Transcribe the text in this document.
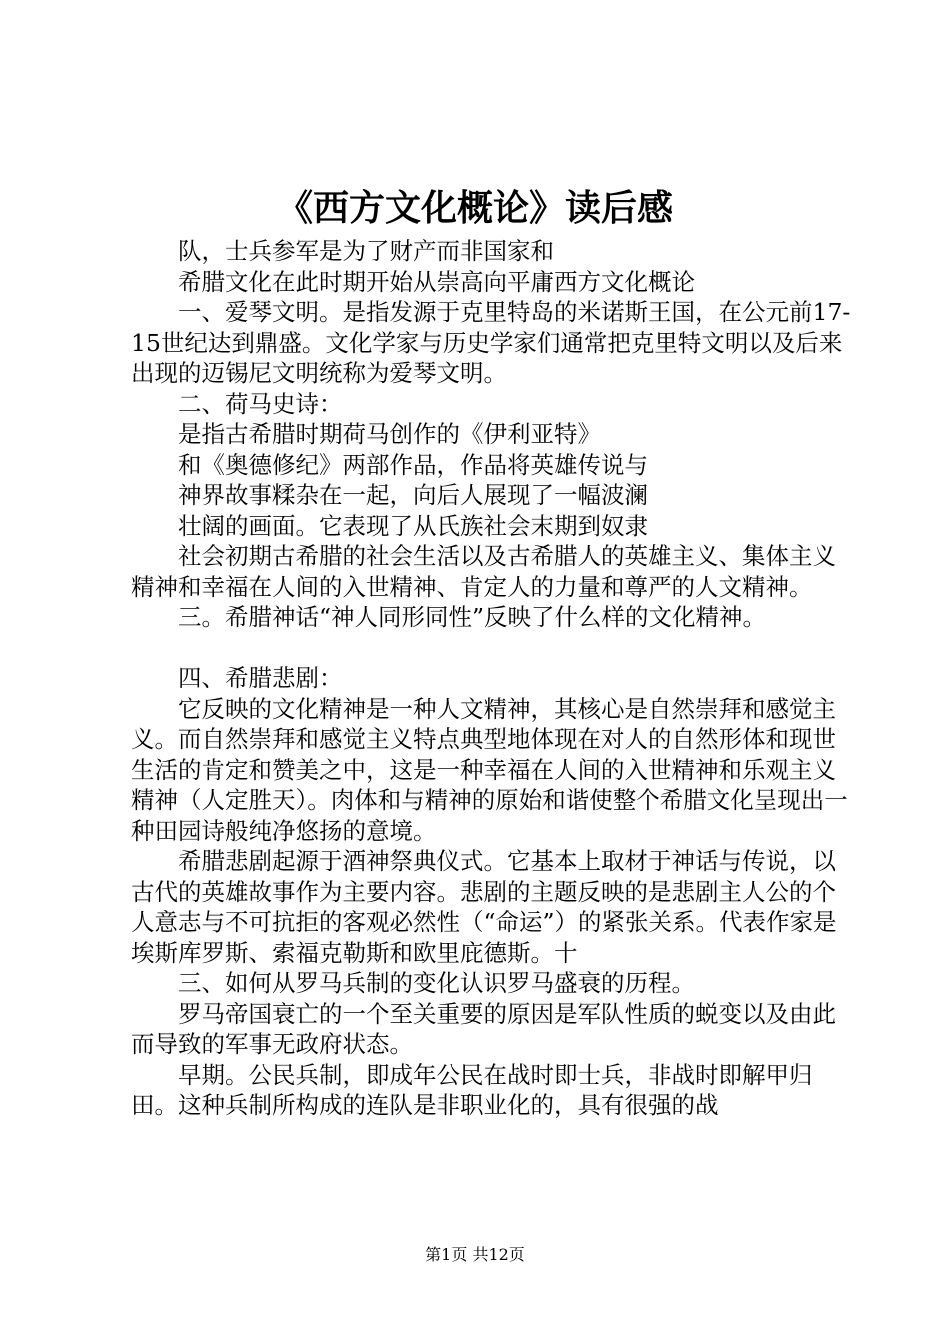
《西方文化概论》读后感

队，士兵参军是为了财产而非国家和

希腊文化在此时期开始从崇高向平庸西方文化概论

一、爱琴文明。是指发源于克里特岛的米诺斯王国，在公元前17-15世纪达到鼎盛。文化学家与历史学家们通常把克里特文明以及后来出现的迈锡尼文明统称为爱琴文明。

二、荷马史诗：

是指古希腊时期荷马创作的《伊利亚特》

和《奥德修纪》两部作品，作品将英雄传说与

神界故事糅杂在一起，向后人展现了一幅波澜

壮阔的画面。它表现了从氏族社会末期到奴隶

社会初期古希腊的社会生活以及古希腊人的英雄主义、集体主义精神和幸福在人间的入世精神、肯定人的力量和尊严的人文精神。

三。希腊神话“神人同形同性”反映了什么样的文化精神。

四、希腊悲剧：

它反映的文化精神是一种人文精神，其核心是自然崇拜和感觉主义。而自然崇拜和感觉主义特点典型地体现在对人的自然形体和现世生活的肯定和赞美之中，这是一种幸福在人间的入世精神和乐观主义精神（人定胜天）。肉体和与精神的原始和谐使整个希腊文化呈现出一种田园诗般纯净悠扬的意境。

希腊悲剧起源于酒神祭典仪式。它基本上取材于神话与传说，以古代的英雄故事作为主要内容。悲剧的主题反映的是悲剧主人公的个人意志与不可抗拒的客观必然性（“命运”）的紧张关系。代表作家是埃斯库罗斯、索福克勒斯和欧里庇德斯。十

三、如何从罗马兵制的变化认识罗马盛衰的历程。

罗马帝国衰亡的一个至关重要的原因是军队性质的蜕变以及由此而导致的军事无政府状态。

早期。公民兵制，即成年公民在战时即士兵，非战时即解甲归田。这种兵制所构成的连队是非职业化的，具有很强的战

第1页 共12页
